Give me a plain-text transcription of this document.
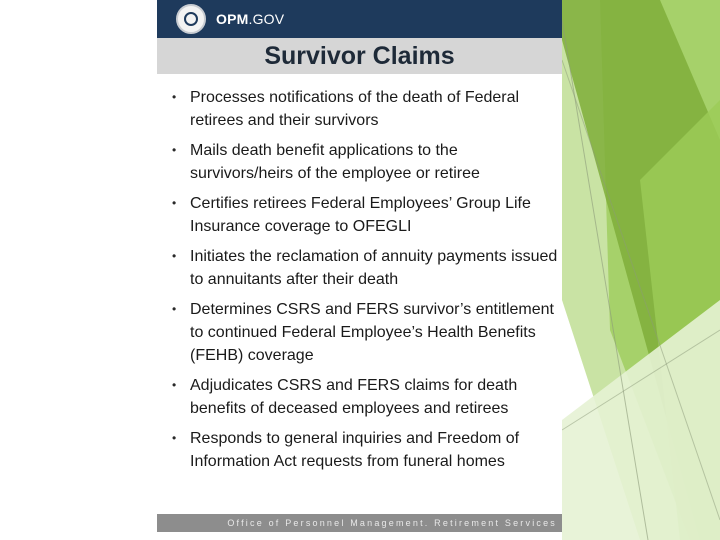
OPM.GOV
Survivor Claims
• Processes notifications of the death of Federal retirees and their survivors
• Mails death benefit applications to the survivors/heirs of the employee or retiree
• Certifies retirees Federal Employees’ Group Life Insurance coverage to OFEGLI
• Initiates the reclamation of annuity payments issued to annuitants after their death
• Determines CSRS and FERS survivor’s entitlement to continued Federal Employee’s Health Benefits (FEHB) coverage
• Adjudicates CSRS and FERS claims for death benefits of deceased employees and retirees
• Responds to general inquiries and Freedom of Information Act requests from funeral homes
Office of Personnel Management. Retirement Services
